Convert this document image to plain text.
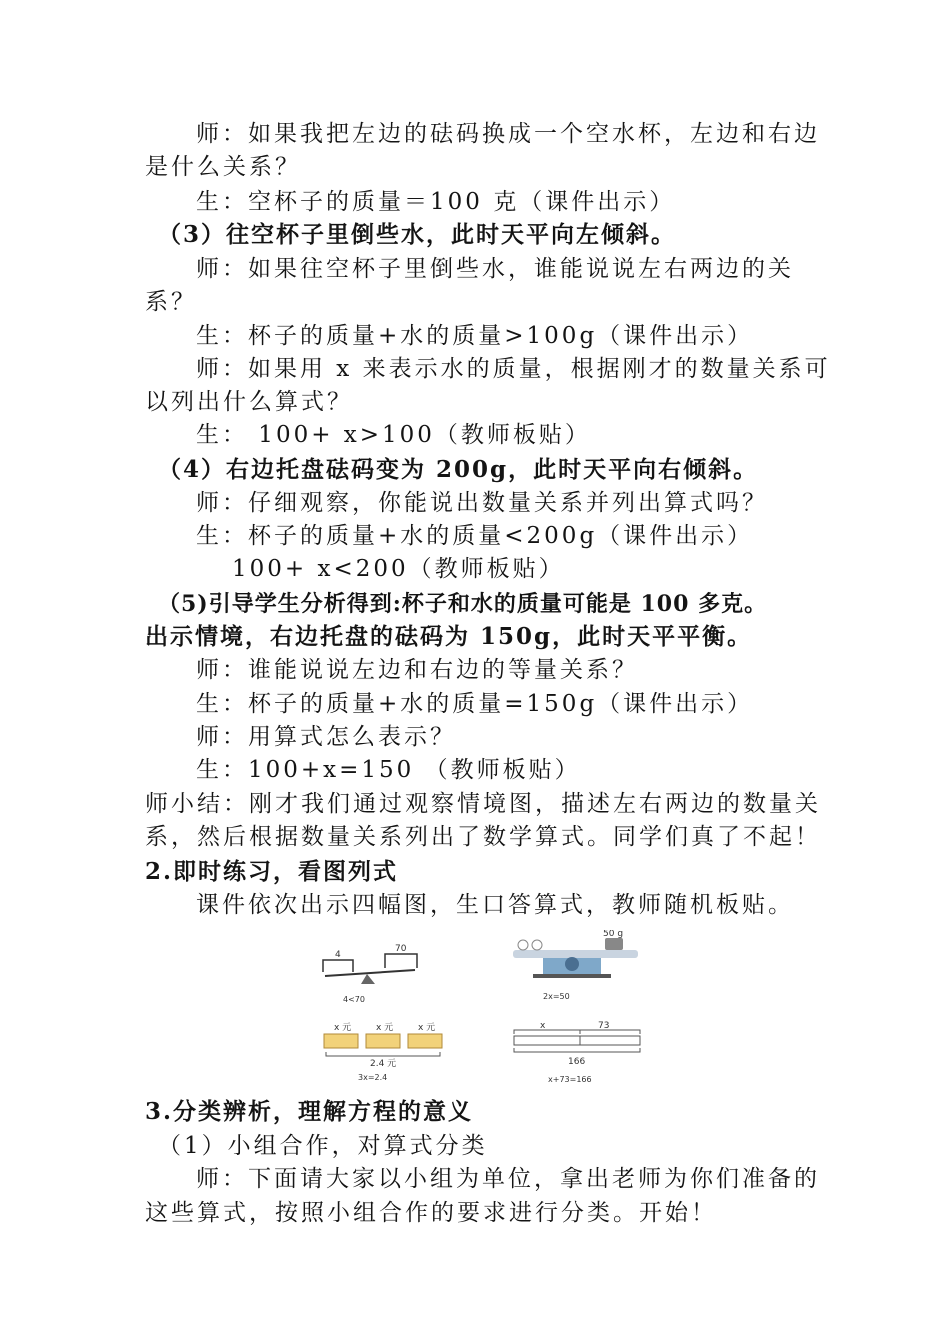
师：如果我把左边的砝码换成一个空水杯，左边和右边
是什么关系？
生：空杯子的质量＝100 克（课件出示）
（3）往空杯子里倒些水，此时天平向左倾斜。
师：如果往空杯子里倒些水，谁能说说左右两边的关
系？
生：杯子的质量+水的质量>100g（课件出示）
师：如果用 x 来表示水的质量，根据刚才的数量关系可
以列出什么算式？
生： 100+ x>100（教师板贴）
（4）右边托盘砝码变为 200g，此时天平向右倾斜。
师：仔细观察，你能说出数量关系并列出算式吗？
生：杯子的质量+水的质量<200g（课件出示）
100+ x<200（教师板贴）
（5)引导学生分析得到:杯子和水的质量可能是 100 多克。
出示情境，右边托盘的砝码为 150g，此时天平平衡。
师：谁能说说左边和右边的等量关系？
生：杯子的质量+水的质量=150g（课件出示）
师：用算式怎么表示？
生：100+x=150 （教师板贴）
师小结：刚才我们通过观察情境图，描述左右两边的数量关
系，然后根据数量关系列出了数学算式。同学们真了不起！
2.即时练习，看图列式
课件依次出示四幅图，生口答算式，教师随机板贴。
4
70
4<70
50 g
2x=50
x 元	x 元	x 元
2.4 元
3x=2.4
x	73
166
x+73=166
3.分类辨析，理解方程的意义
（1）小组合作，对算式分类
师：下面请大家以小组为单位，拿出老师为你们准备的
这些算式，按照小组合作的要求进行分类。开始！
